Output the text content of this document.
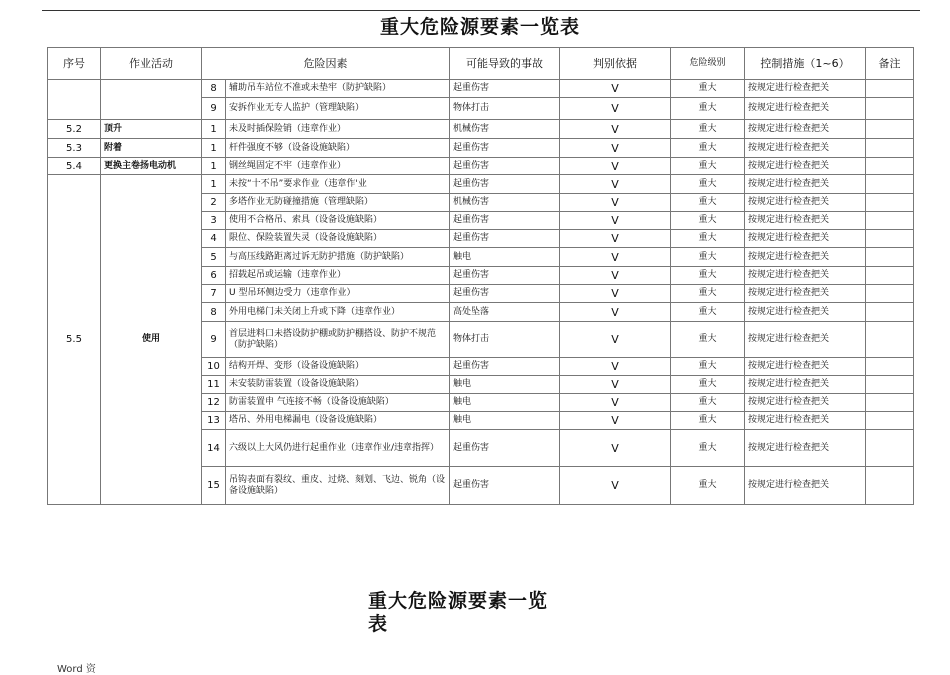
重大危险源要素一览表
序号	作业活动	危险因素		可能导致的事故	判别依据	危险级别	控制措施（1~6）	备注
		8	辅助吊车站位不准或未垫牢（防护缺陷）	起重伤害	V	重大	按规定进行检查把关	
		9	安拆作业无专人监护（管理缺陷）	物体打击	V	重大	按规定进行检查把关	
5.2	顶升	1	未及时插保险销（违章作业）	机械伤害	V	重大	按规定进行检查把关	
5.3	附着	1	杆件强度不够（设备设施缺陷）	起重伤害	V	重大	按规定进行检查把关	
5.4	更换主卷扬电动机	1	钢丝绳固定不牢（违章作业）	起重伤害	V	重大	按规定进行检查把关	
5.5	使用	1	未按“十不吊”要求作业（违章作'业	起重伤害	V	重大	按规定进行检查把关	
		2	多塔作业无防碰撞措施（管理缺陷）	机械伤害	V	重大	按规定进行检查把关	
		3	使用不合格吊、索具（设备设施缺陷）	起重伤害	V	重大	按规定进行检查把关	
		4	限位、保险装置失灵（设备设施缺陷）	起重伤害	V	重大	按规定进行检查把关	
		5	与高压线路距离过诉无防护措施（防护缺陷）	触电	V	重大	按规定进行检查把关	
		6	招载起吊或运输（违章作业）	起重伤害	V	重大	按规定进行检查把关	
		7	U 型吊环侧边受力（违章作业）	起重伤害	V	重大	按规定进行检查把关	
		8	外用电梯门未关闭上升或下降（违章作业）	高处坠落	V	重大	按规定进行检查把关	
		9	首层进料口未搭设防护棚或防护棚搭设、防护不规范（防护缺陷）	物体打击	V	重大	按规定进行检查把关	
		10	结构开焊、变形（设备设施缺陷）	起重伤害	V	重大	按规定进行检查把关	
		11	未安装防雷装置（设备设施缺陷）	触电	V	重大	按规定进行检查把关	
		12	防雷装置申 气连接不畅（设备设施缺陷）	触电	V	重大	按规定进行检查把关	
		13	塔吊、外用电梯漏电（设备设施缺陷）	触电	V	重大	按规定进行检查把关	
		14	六级以上大风仍进行起重作业（违章作业/违章指挥）	起重伤害	V	重大	按规定进行检查把关	
		15	吊钩表面有裂纹、重皮、过烧、刻划、飞边、锐角（设备设施缺陷）	起重伤害	V	重大	按规定进行检查把关	
重大危险源要素一览
表
Word 资
